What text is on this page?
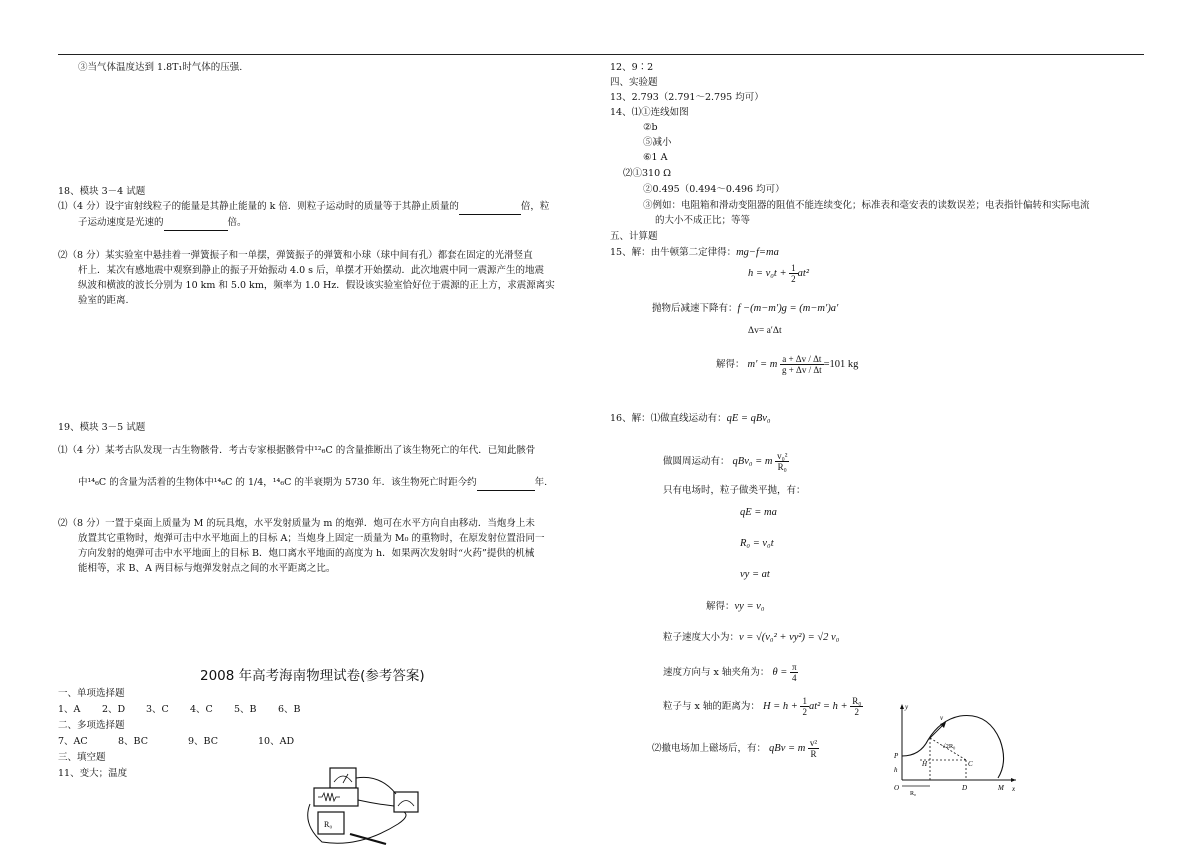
③当气体温度达到 1.8T₁时气体的压强.
18、模块 3－4 试题
⑴（4 分）设宇宙射线粒子的能量是其静止能量的 k 倍．则粒子运动时的质量等于其静止质量的	倍，粒
子运动速度是光速的	倍。
⑵（8 分）某实验室中悬挂着一弹簧振子和一单摆，弹簧振子的弹簧和小球（球中间有孔）都套在固定的光滑竖直
杆上．某次有感地震中观察到静止的振子开始振动 4.0 s 后，单摆才开始摆动．此次地震中同一震源产生的地震
纵波和横波的波长分别为 10 km 和 5.0 km，频率为 1.0 Hz．假设该实验室恰好位于震源的正上方，求震源离实
验室的距离.
19、模块 3－5 试题
⑴（4 分）某考古队发现一古生物骸骨．考古专家根据骸骨中¹²₆C 的含量推断出了该生物死亡的年代．已知此骸骨
中¹⁴₆C 的含量为活着的生物体中¹⁴₆C 的 1/4，¹⁴₆C 的半衰期为 5730 年．该生物死亡时距今约	年.
⑵（8 分）一置于桌面上质量为 M 的玩具炮，水平发射质量为 m 的炮弹．炮可在水平方向自由移动．当炮身上未
放置其它重物时，炮弹可击中水平地面上的目标 A；当炮身上固定一质量为 M₀ 的重物时，在原发射位置沿同一
方向发射的炮弹可击中水平地面上的目标 B．炮口离水平地面的高度为 h．如果两次发射时“火药”提供的机械
能相等，求 B、A 两目标与炮弹发射点之间的水平距离之比。
2008 年高考海南物理试卷(参考答案)
一、单项选择题
1、A 2、D 3、C 4、C 5、B 6、B
二、多项选择题
7、AC	8、BC	9、BC	10、AD
三、填空题
11、变大；温度
R₀
12、9∶2
四、实验题
13、2.793（2.791～2.795 均可）
14、⑴①连线如图
②b
⑤减小
⑥1 A
⑵①310 Ω
②0.495（0.494～0.496 均可）
③例如：电阻箱和滑动变阻器的阻值不能连续变化；标准表和毫安表的读数误差；电表指针偏转和实际电流
的大小不成正比；等等
五、计算题
15、解：由牛顿第二定律得：mg−f=ma
$h = v_0t + \frac{1}{2} at^2$
抛物后减速下降有：f −(m−m′)g = (m−m′)a′
Δv= a′Δt
解得： m′ = m $\frac{a + \Delta v / \Delta t}{g + \Delta v / \Delta t} =101$ kg
16、解：⑴做直线运动有：qE = qBv₀
做圆周运动有： qBv₀ = m $\frac{\text{v₀²}}{\text{R₀}}$
只有电场时，粒子做类平抛，有：
qE = ma
R₀ = v₀t
vy = at
解得：vy = v₀
粒子速度大小为：v = √(v₀² + vy²) = √2 v₀
速度方向与 x 轴夹角为： $\theta = \frac{\pi}{4}$
粒子与 x 轴的距离为： $H = h + \frac{1}{2} at^2 = h + \frac{\text{R₀}}{2}$
⑵撤电场加上磁场后，有： qBv = m $\frac{\text{v²}}{R}$
y
x
O
P
h
v
√2R₀
H	C
D	M
R₀
